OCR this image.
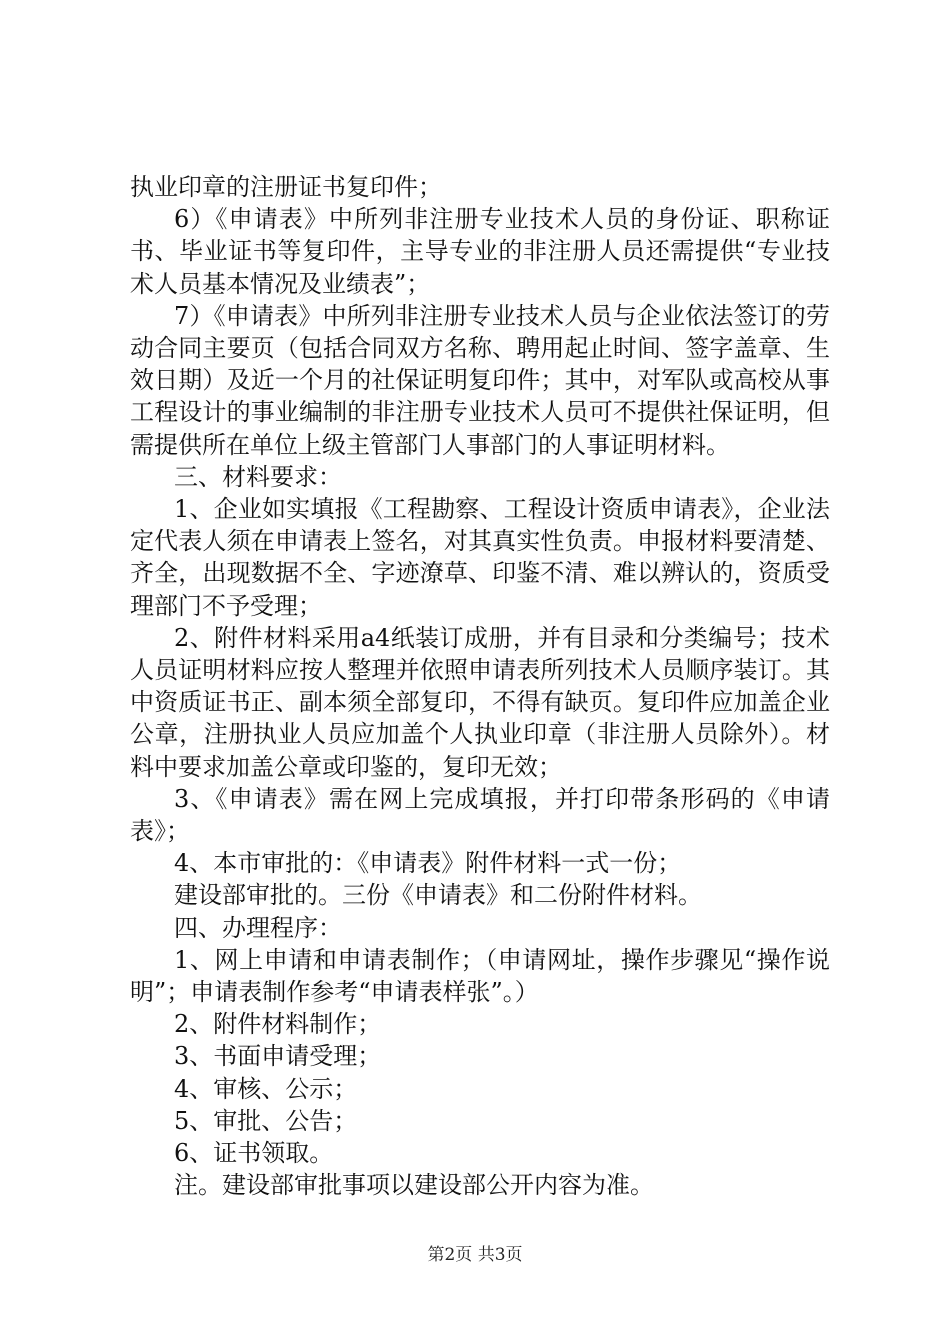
执业印章的注册证书复印件；

6）《申请表》中所列非注册专业技术人员的身份证、职称证书、毕业证书等复印件，主导专业的非注册人员还需提供“专业技术人员基本情况及业绩表”；

7）《申请表》中所列非注册专业技术人员与企业依法签订的劳动合同主要页（包括合同双方名称、聘用起止时间、签字盖章、生效日期）及近一个月的社保证明复印件；其中，对军队或高校从事工程设计的事业编制的非注册专业技术人员可不提供社保证明，但需提供所在单位上级主管部门人事部门的人事证明材料。

三、材料要求：

1、企业如实填报《工程勘察、工程设计资质申请表》，企业法定代表人须在申请表上签名，对其真实性负责。申报材料要清楚、齐全，出现数据不全、字迹潦草、印鉴不清、难以辨认的，资质受理部门不予受理；

2、附件材料采用a4纸装订成册，并有目录和分类编号；技术人员证明材料应按人整理并依照申请表所列技术人员顺序装订。其中资质证书正、副本须全部复印，不得有缺页。复印件应加盖企业公章，注册执业人员应加盖个人执业印章（非注册人员除外）。材料中要求加盖公章或印鉴的，复印无效；

3、《申请表》需在网上完成填报，并打印带条形码的《申请表》；

4、本市审批的：《申请表》附件材料一式一份；

建设部审批的。三份《申请表》和二份附件材料。

四、办理程序：

1、网上申请和申请表制作；（申请网址，操作步骤见“操作说明”；申请表制作参考“申请表样张”。）

2、附件材料制作；

3、书面申请受理；

4、审核、公示；

5、审批、公告；

6、证书领取。

注。建设部审批事项以建设部公开内容为准。

第2页 共3页
